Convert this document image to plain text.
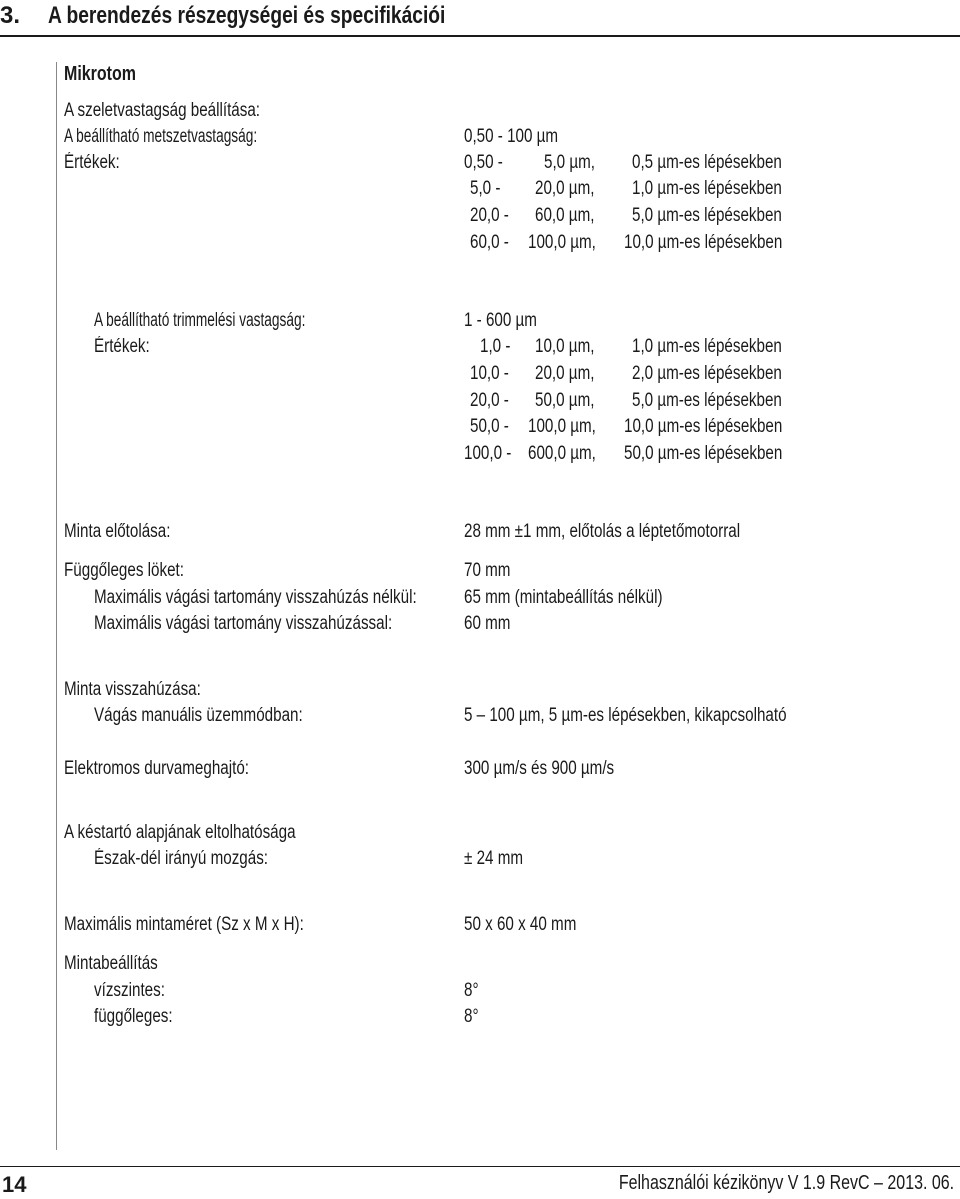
3. A berendezés részegységei és specifikációi
Mikrotom
A szeletvastagság beállítása:
A beállítható metszetvastagság:	0,50 - 100 µm
Értékek:	0,50 -	5,0 µm,	0,5 µm-es lépésekben
5,0 -	20,0 µm,	1,0 µm-es lépésekben
20,0 -	60,0 µm,	5,0 µm-es lépésekben
60,0 -	100,0 µm,	10,0 µm-es lépésekben
A beállítható trimmelési vastagság:	1 - 600 µm
Értékek:	1,0 -	10,0 µm,	1,0 µm-es lépésekben
10,0 -	20,0 µm,	2,0 µm-es lépésekben
20,0 -	50,0 µm,	5,0 µm-es lépésekben
50,0 -	100,0 µm,	10,0 µm-es lépésekben
100,0 - 600,0 µm,	50,0 µm-es lépésekben
Minta előtolása:	28 mm ±1 mm, előtolás a léptetőmotorral
Függőleges löket:	70 mm
Maximális vágási tartomány visszahúzás nélkül:	65 mm (mintabeállítás nélkül)
Maximális vágási tartomány visszahúzással:	60 mm
Minta visszahúzása:
Vágás manuális üzemmódban:	5 – 100 µm, 5 µm-es lépésekben, kikapcsolható
Elektromos durvameghajtó:	300 µm/s és 900 µm/s
A késtartó alapjának eltolhatósága
Észak-dél irányú mozgás:	± 24 mm
Maximális mintaméret (Sz x M x H):	50 x 60 x 40 mm
Mintabeállítás
vízszintes:	8°
függőleges:	8°
14	Felhasználói kézikönyv V 1.9 RevC – 2013. 06.
